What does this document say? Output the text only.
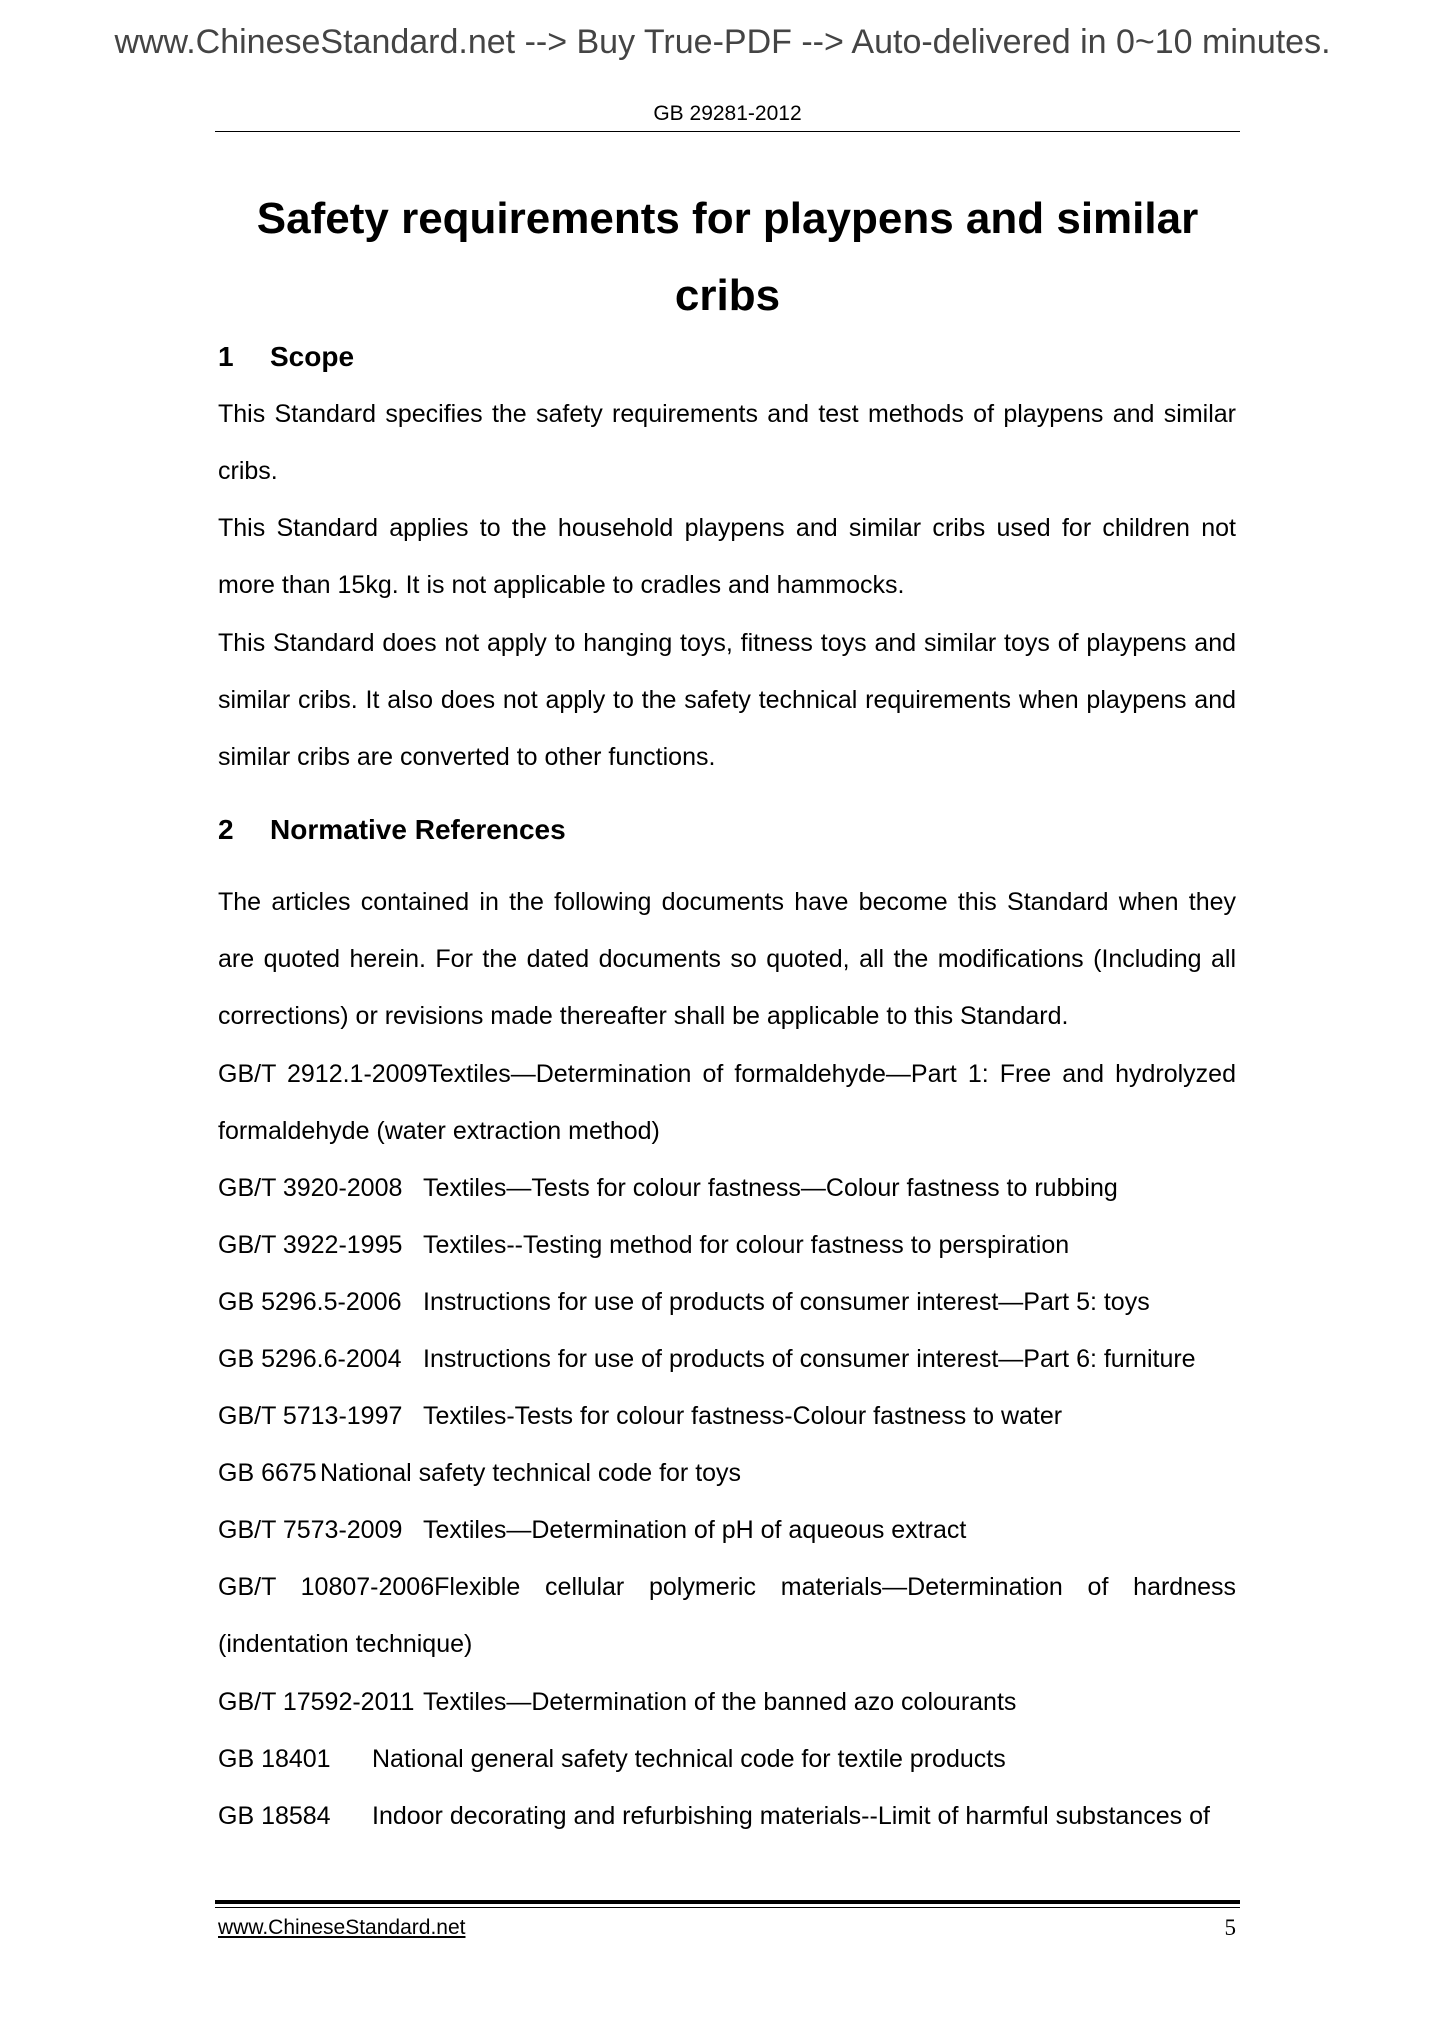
www.ChineseStandard.net --> Buy True-PDF --> Auto-delivered in 0~10 minutes.
GB 29281-2012
Safety requirements for playpens and similar cribs
1 Scope

This Standard specifies the safety requirements and test methods of playpens and similar cribs.

This Standard applies to the household playpens and similar cribs used for children not more than 15kg. It is not applicable to cradles and hammocks.

This Standard does not apply to hanging toys, fitness toys and similar toys of playpens and similar cribs. It also does not apply to the safety technical requirements when playpens and similar cribs are converted to other functions.

2 Normative References

The articles contained in the following documents have become this Standard when they are quoted herein. For the dated documents so quoted, all the modifications (Including all corrections) or revisions made thereafter shall be applicable to this Standard.

GB/T 2912.1-2009Textiles—Determination of formaldehyde—Part 1: Free and hydrolyzed formaldehyde (water extraction method)

GB/T 3920-2008 Textiles—Tests for colour fastness—Colour fastness to rubbing

GB/T 3922-1995 Textiles--Testing method for colour fastness to perspiration

GB 5296.5-2006 Instructions for use of products of consumer interest—Part 5: toys

GB 5296.6-2004 Instructions for use of products of consumer interest—Part 6: furniture

GB/T 5713-1997 Textiles-Tests for colour fastness-Colour fastness to water

GB 6675 National safety technical code for toys

GB/T 7573-2009 Textiles—Determination of pH of aqueous extract

GB/T 10807-2006Flexible cellular polymeric materials—Determination of hardness (indentation technique)

GB/T 17592-2011 Textiles—Determination of the banned azo colourants

GB 18401 National general safety technical code for textile products

GB 18584 Indoor decorating and refurbishing materials--Limit of harmful substances of

www.ChineseStandard.net	5
